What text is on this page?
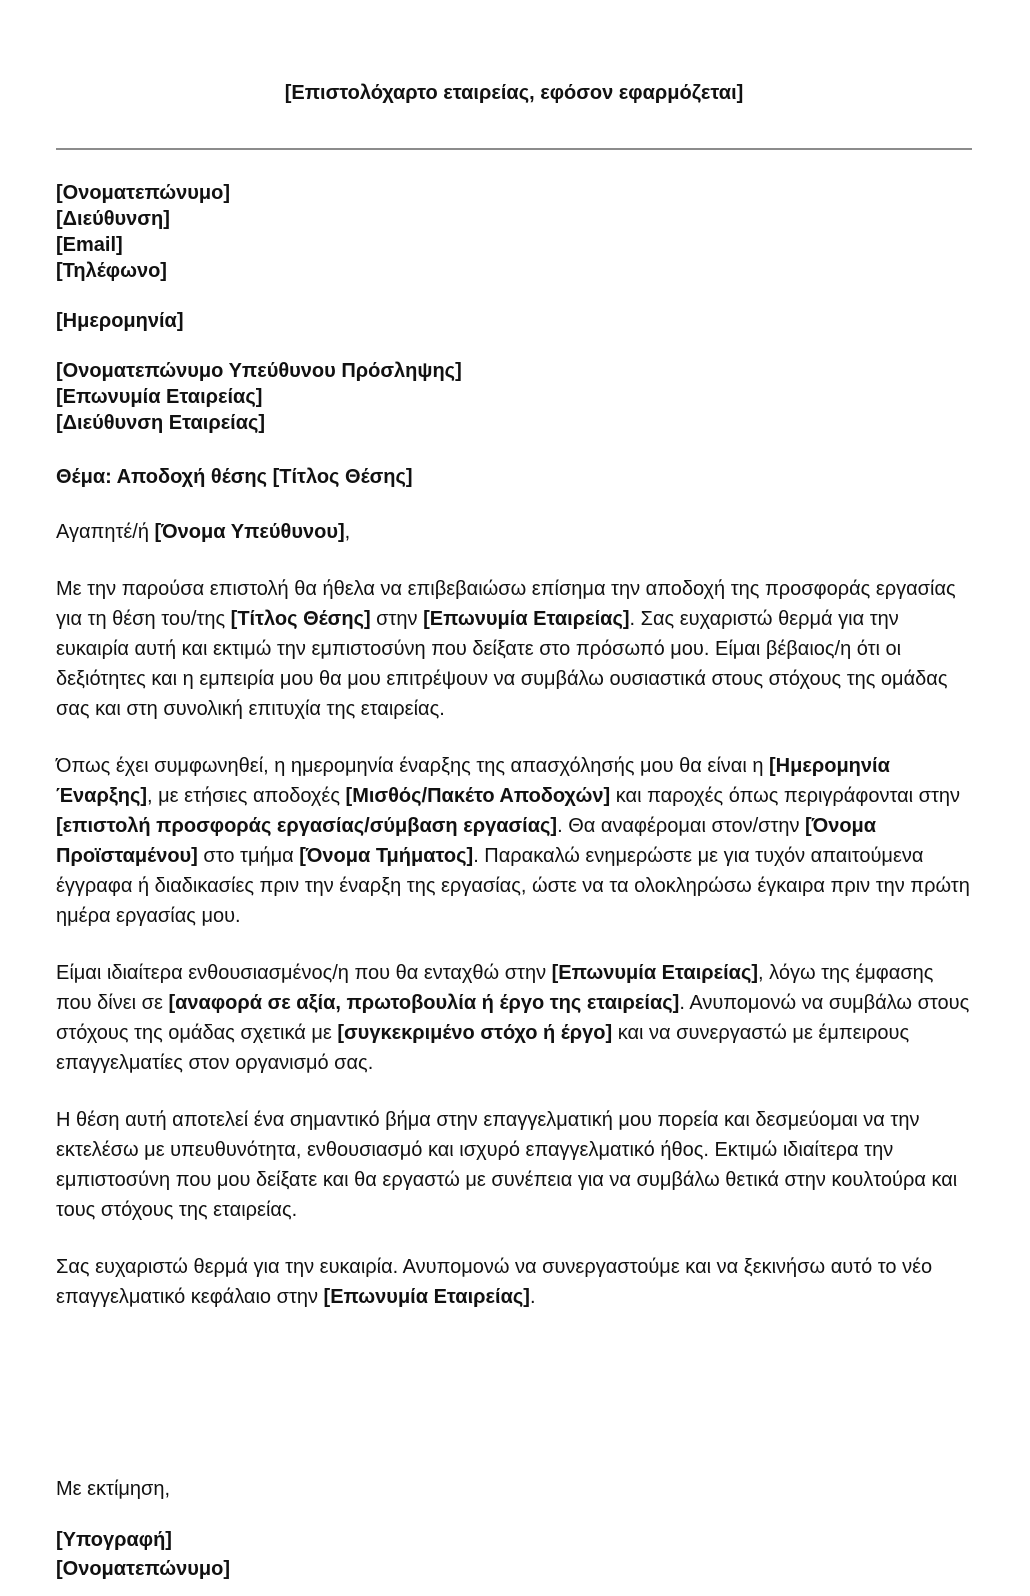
[Επιστολόχαρτο εταιρείας, εφόσον εφαρμόζεται]
[Ονοματεπώνυμο]
[Διεύθυνση]
[Email]
[Τηλέφωνο]
[Ημερομηνία]
[Ονοματεπώνυμο Υπεύθυνου Πρόσληψης]
[Επωνυμία Εταιρείας]
[Διεύθυνση Εταιρείας]
Θέμα: Αποδοχή θέσης [Τίτλος Θέσης]
Αγαπητέ/ή [Όνομα Υπεύθυνου],
Με την παρούσα επιστολή θα ήθελα να επιβεβαιώσω επίσημα την αποδοχή της προσφοράς εργασίας για τη θέση του/της [Τίτλος Θέσης] στην [Επωνυμία Εταιρείας]. Σας ευχαριστώ θερμά για την ευκαιρία αυτή και εκτιμώ την εμπιστοσύνη που δείξατε στο πρόσωπό μου. Είμαι βέβαιος/η ότι οι δεξιότητες και η εμπειρία μου θα μου επιτρέψουν να συμβάλω ουσιαστικά στους στόχους της ομάδας σας και στη συνολική επιτυχία της εταιρείας.
Όπως έχει συμφωνηθεί, η ημερομηνία έναρξης της απασχόλησής μου θα είναι η [Ημερομηνία Έναρξης], με ετήσιες αποδοχές [Μισθός/Πακέτο Αποδοχών] και παροχές όπως περιγράφονται στην [επιστολή προσφοράς εργασίας/σύμβαση εργασίας]. Θα αναφέρομαι στον/στην [Όνομα Προϊσταμένου] στο τμήμα [Όνομα Τμήματος]. Παρακαλώ ενημερώστε με για τυχόν απαιτούμενα έγγραφα ή διαδικασίες πριν την έναρξη της εργασίας, ώστε να τα ολοκληρώσω έγκαιρα πριν την πρώτη ημέρα εργασίας μου.
Είμαι ιδιαίτερα ενθουσιασμένος/η που θα ενταχθώ στην [Επωνυμία Εταιρείας], λόγω της έμφασης που δίνει σε [αναφορά σε αξία, πρωτοβουλία ή έργο της εταιρείας]. Ανυπομονώ να συμβάλω στους στόχους της ομάδας σχετικά με [συγκεκριμένο στόχο ή έργο] και να συνεργαστώ με έμπειρους επαγγελματίες στον οργανισμό σας.
Η θέση αυτή αποτελεί ένα σημαντικό βήμα στην επαγγελματική μου πορεία και δεσμεύομαι να την εκτελέσω με υπευθυνότητα, ενθουσιασμό και ισχυρό επαγγελματικό ήθος. Εκτιμώ ιδιαίτερα την εμπιστοσύνη που μου δείξατε και θα εργαστώ με συνέπεια για να συμβάλω θετικά στην κουλτούρα και τους στόχους της εταιρείας.
Σας ευχαριστώ θερμά για την ευκαιρία. Ανυπομονώ να συνεργαστούμε και να ξεκινήσω αυτό το νέο επαγγελματικό κεφάλαιο στην [Επωνυμία Εταιρείας].
Με εκτίμηση,
[Υπογραφή]
[Ονοματεπώνυμο]
